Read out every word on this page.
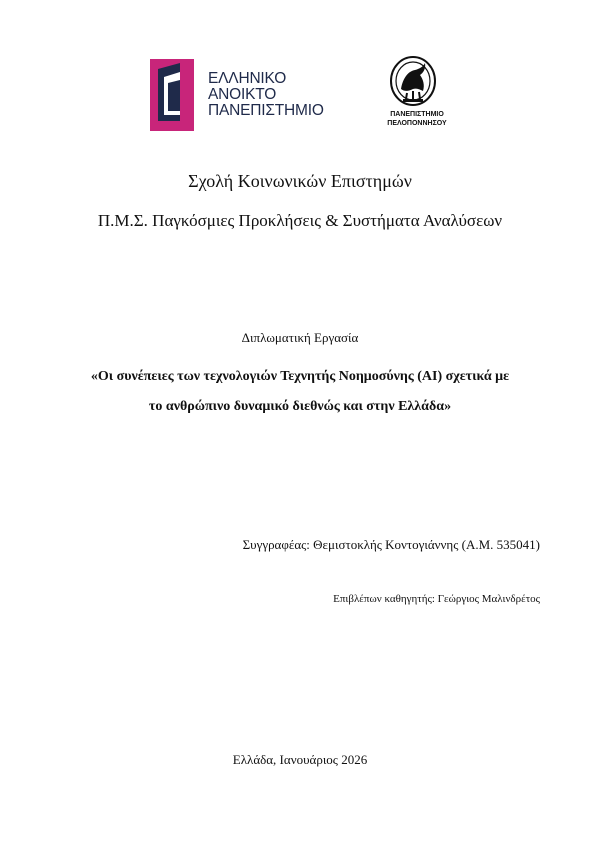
ΕΛΛΗΝΙΚΟ
ΑΝΟΙΚΤΟ
ΠΑΝΕΠΙΣΤΗΜΙΟ	ΠΑΝΕΠΙΣΤΗΜΙΟ
ΠΕΛΟΠΟΝΝΗΣΟΥ
Σχολή Κοινωνικών Επιστημών
Π.Μ.Σ. Παγκόσμιες Προκλήσεις & Συστήματα Αναλύσεων
Διπλωματική Εργασία
«Οι συνέπειες των τεχνολογιών Τεχνητής Νοημοσύνης (AI) σχετικά με
το ανθρώπινο δυναμικό διεθνώς και στην Ελλάδα»
Συγγραφέας: Θεμιστοκλής Κοντογιάννης (Α.Μ. 535041)
Επιβλέπων καθηγητής: Γεώργιος Μαλινδρέτος
Ελλάδα, Ιανουάριος 2026
